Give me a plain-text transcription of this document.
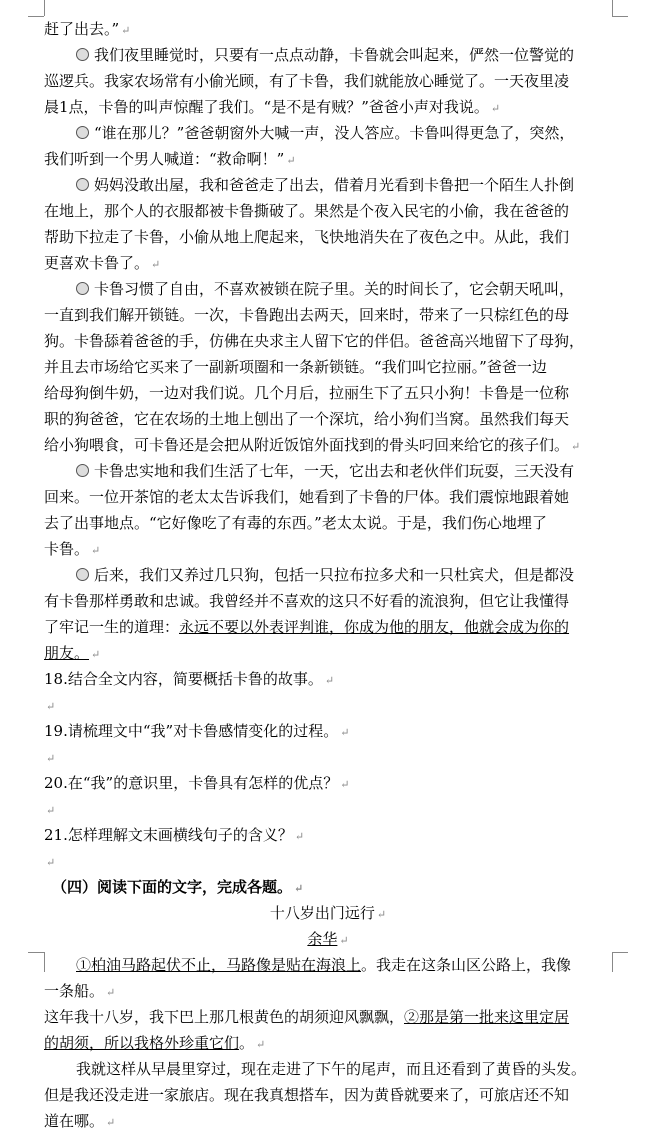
赶了出去。” ↵
我们夜里睡觉时，只要有一点点动静，卡鲁就会叫起来，俨然一位警觉的
巡逻兵。我家农场常有小偷光顾，有了卡鲁，我们就能放心睡觉了。一天夜里凌
晨1点，卡鲁的叫声惊醒了我们。“是不是有贼？”爸爸小声对我说。 ↵
“谁在那儿？”爸爸朝窗外大喊一声，没人答应。卡鲁叫得更急了，突然，
我们听到一个男人喊道：“救命啊！” ↵
妈妈没敢出屋，我和爸爸走了出去，借着月光看到卡鲁把一个陌生人扑倒
在地上，那个人的衣服都被卡鲁撕破了。果然是个夜入民宅的小偷，我在爸爸的
帮助下拉走了卡鲁，小偷从地上爬起来，飞快地消失在了夜色之中。从此，我们
更喜欢卡鲁了。 ↵
卡鲁习惯了自由，不喜欢被锁在院子里。关的时间长了，它会朝天吼叫，
一直到我们解开锁链。一次，卡鲁跑出去两天，回来时，带来了一只棕红色的母
狗。卡鲁舔着爸爸的手，仿佛在央求主人留下它的伴侣。爸爸高兴地留下了母狗，
并且去市场给它买来了一副新项圈和一条新锁链。“我们叫它拉丽。”爸爸一边
给母狗倒牛奶，一边对我们说。几个月后，拉丽生下了五只小狗！卡鲁是一位称
职的狗爸爸，它在农场的土地上刨出了一个深坑，给小狗们当窝。虽然我们每天
给小狗喂食，可卡鲁还是会把从附近饭馆外面找到的骨头叼回来给它的孩子们。 ↵
卡鲁忠实地和我们生活了七年，一天，它出去和老伙伴们玩耍，三天没有
回来。一位开茶馆的老太太告诉我们，她看到了卡鲁的尸体。我们震惊地跟着她
去了出事地点。“它好像吃了有毒的东西。”老太太说。于是，我们伤心地埋了
卡鲁。 ↵
后来，我们又养过几只狗，包括一只拉布拉多犬和一只杜宾犬，但是都没
有卡鲁那样勇敢和忠诚。我曾经并不喜欢的这只不好看的流浪狗，但它让我懂得
了牢记一生的道理：永远不要以外表评判谁，你成为他的朋友，他就会成为你的
朋友。 ↵
18.结合全文内容，简要概括卡鲁的故事。 ↵
↵
19.请梳理文中“我”对卡鲁感情变化的过程。 ↵
↵
20.在“我”的意识里，卡鲁具有怎样的优点？ ↵
↵
21.怎样理解文末画横线句子的含义？ ↵
↵
（四）阅读下面的文字，完成各题。 ↵
十八岁出门远行 ↵
余华 ↵
①柏油马路起伏不止，马路像是贴在海浪上。我走在这条山区公路上，我像
一条船。 ↵
这年我十八岁，我下巴上那几根黄色的胡须迎风飘飘，②那是第一批来这里定居
的胡须，所以我格外珍重它们。 ↵
我就这样从早晨里穿过，现在走进了下午的尾声，而且还看到了黄昏的头发。
但是我还没走进一家旅店。现在我真想搭车，因为黄昏就要来了，可旅店还不知
道在哪。 ↵
